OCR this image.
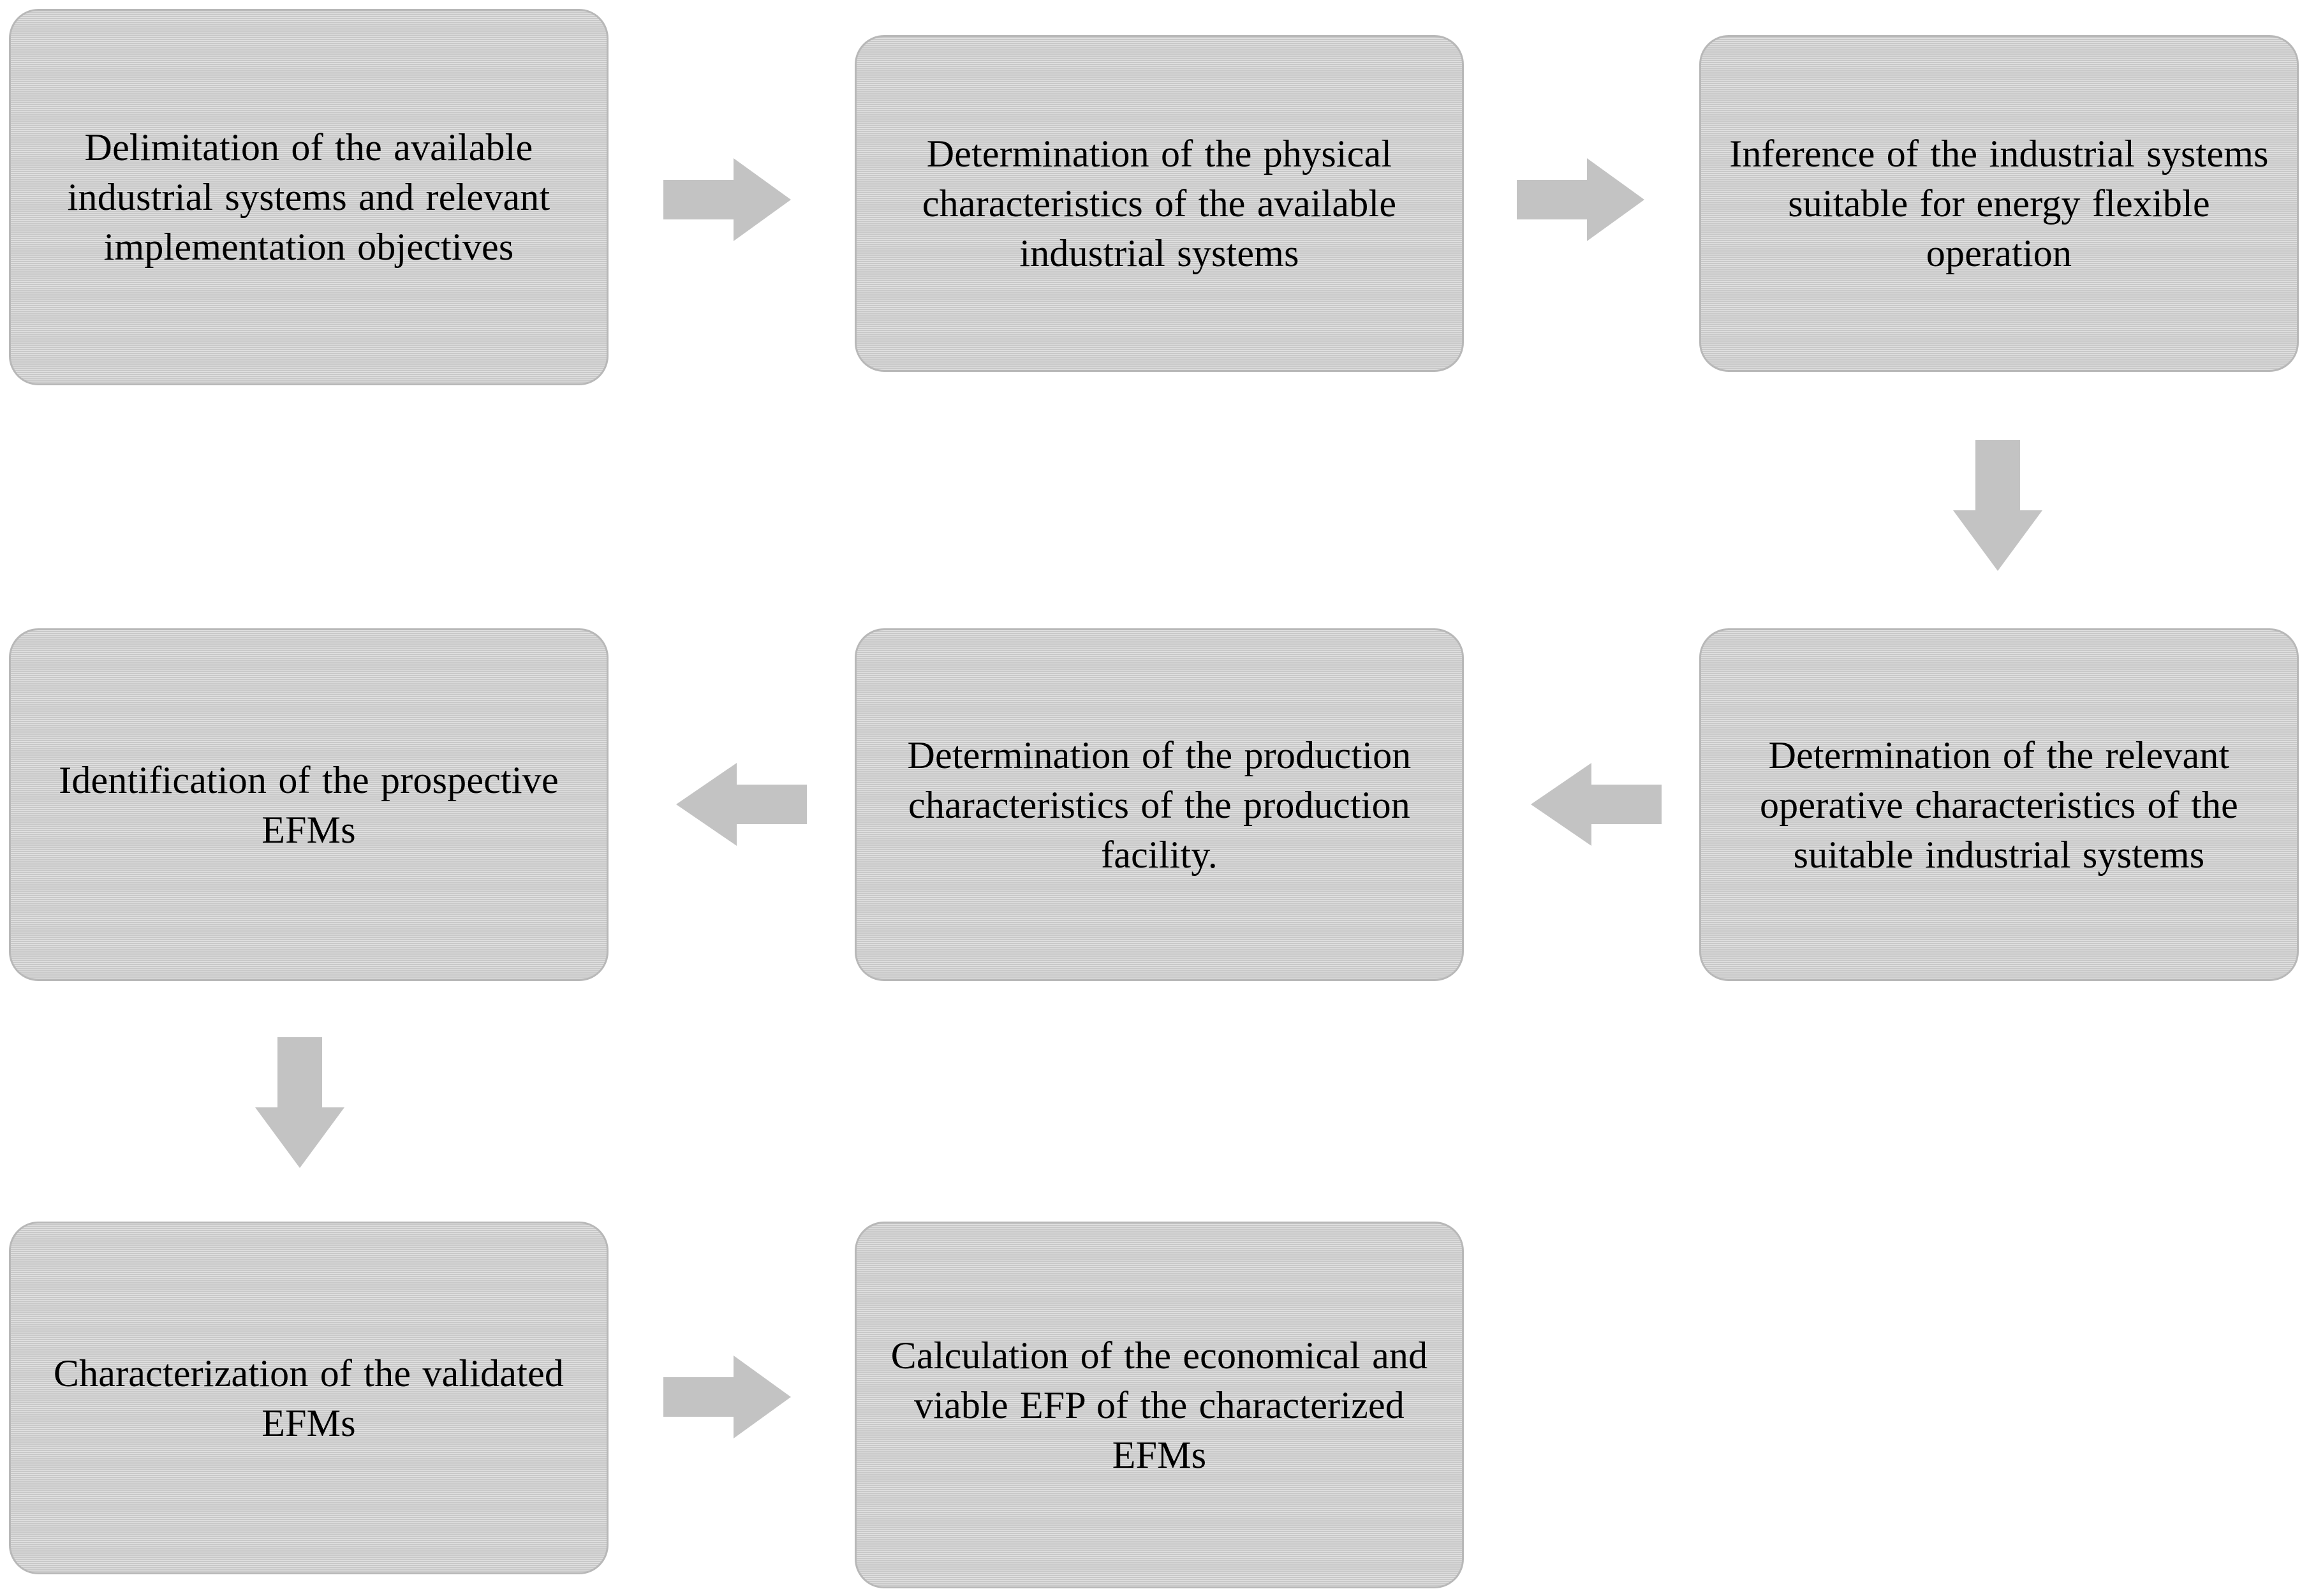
Delimitation of the available industrial systems and relevant implementation objectives
Determination of the physical characteristics of the available industrial systems
Inference of the industrial systems suitable for energy flexible operation
Determination of the relevant operative characteristics of the suitable industrial systems
Determination of the production characteristics of the production facility.
Identification of the prospective EFMs
Characterization of the validated EFMs
Calculation of the economical and viable EFP of the characterized EFMs
